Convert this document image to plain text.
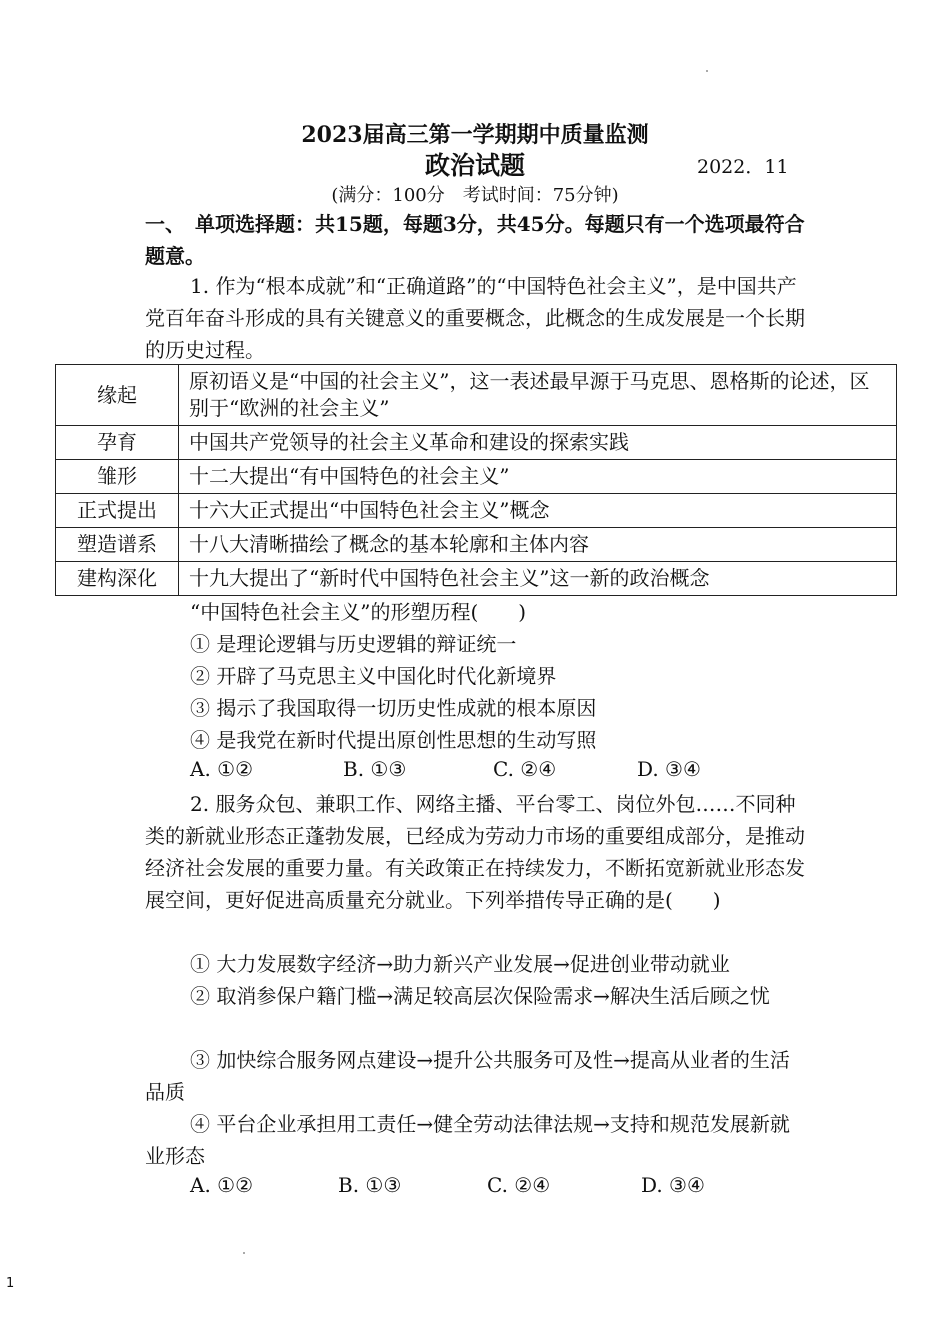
2023届高三第一学期期中质量监测
政治试题	2022．11
(满分：100分　考试时间：75分钟)
一、　单项选择题：共15题，每题3分，共45分。每题只有一个选项最符合题意。
1. 作为“根本成就”和“正确道路”的“中国特色社会主义”，是中国共产党百年奋斗形成的具有关键意义的重要概念，此概念的生成发展是一个长期的历史过程。
缘起	原初语义是“中国的社会主义”，这一表述最早源于马克思、恩格斯的论述，区别于“欧洲的社会主义”
孕育	中国共产党领导的社会主义革命和建设的探索实践
雏形	十二大提出“有中国特色的社会主义”
正式提出	十六大正式提出“中国特色社会主义”概念
塑造谱系	十八大清晰描绘了概念的基本轮廓和主体内容
建构深化	十九大提出了“新时代中国特色社会主义”这一新的政治概念
“中国特色社会主义”的形塑历程(　　)
① 是理论逻辑与历史逻辑的辩证统一
② 开辟了马克思主义中国化时代化新境界
③ 揭示了我国取得一切历史性成就的根本原因
④ 是我党在新时代提出原创性思想的生动写照
A. ①②	B. ①③	C. ②④	D. ③④
2. 服务众包、兼职工作、网络主播、平台零工、岗位外包……不同种类的新就业形态正蓬勃发展，已经成为劳动力市场的重要组成部分，是推动经济社会发展的重要力量。有关政策正在持续发力，不断拓宽新就业形态发展空间，更好促进高质量充分就业。下列举措传导正确的是(　　)
① 大力发展数字经济→助力新兴产业发展→促进创业带动就业
② 取消参保户籍门槛→满足较高层次保险需求→解决生活后顾之忧
③ 加快综合服务网点建设→提升公共服务可及性→提高从业者的生活品质
④ 平台企业承担用工责任→健全劳动法律法规→支持和规范发展新就业形态
A. ①②	B. ①③	C. ②④	D. ③④
1
